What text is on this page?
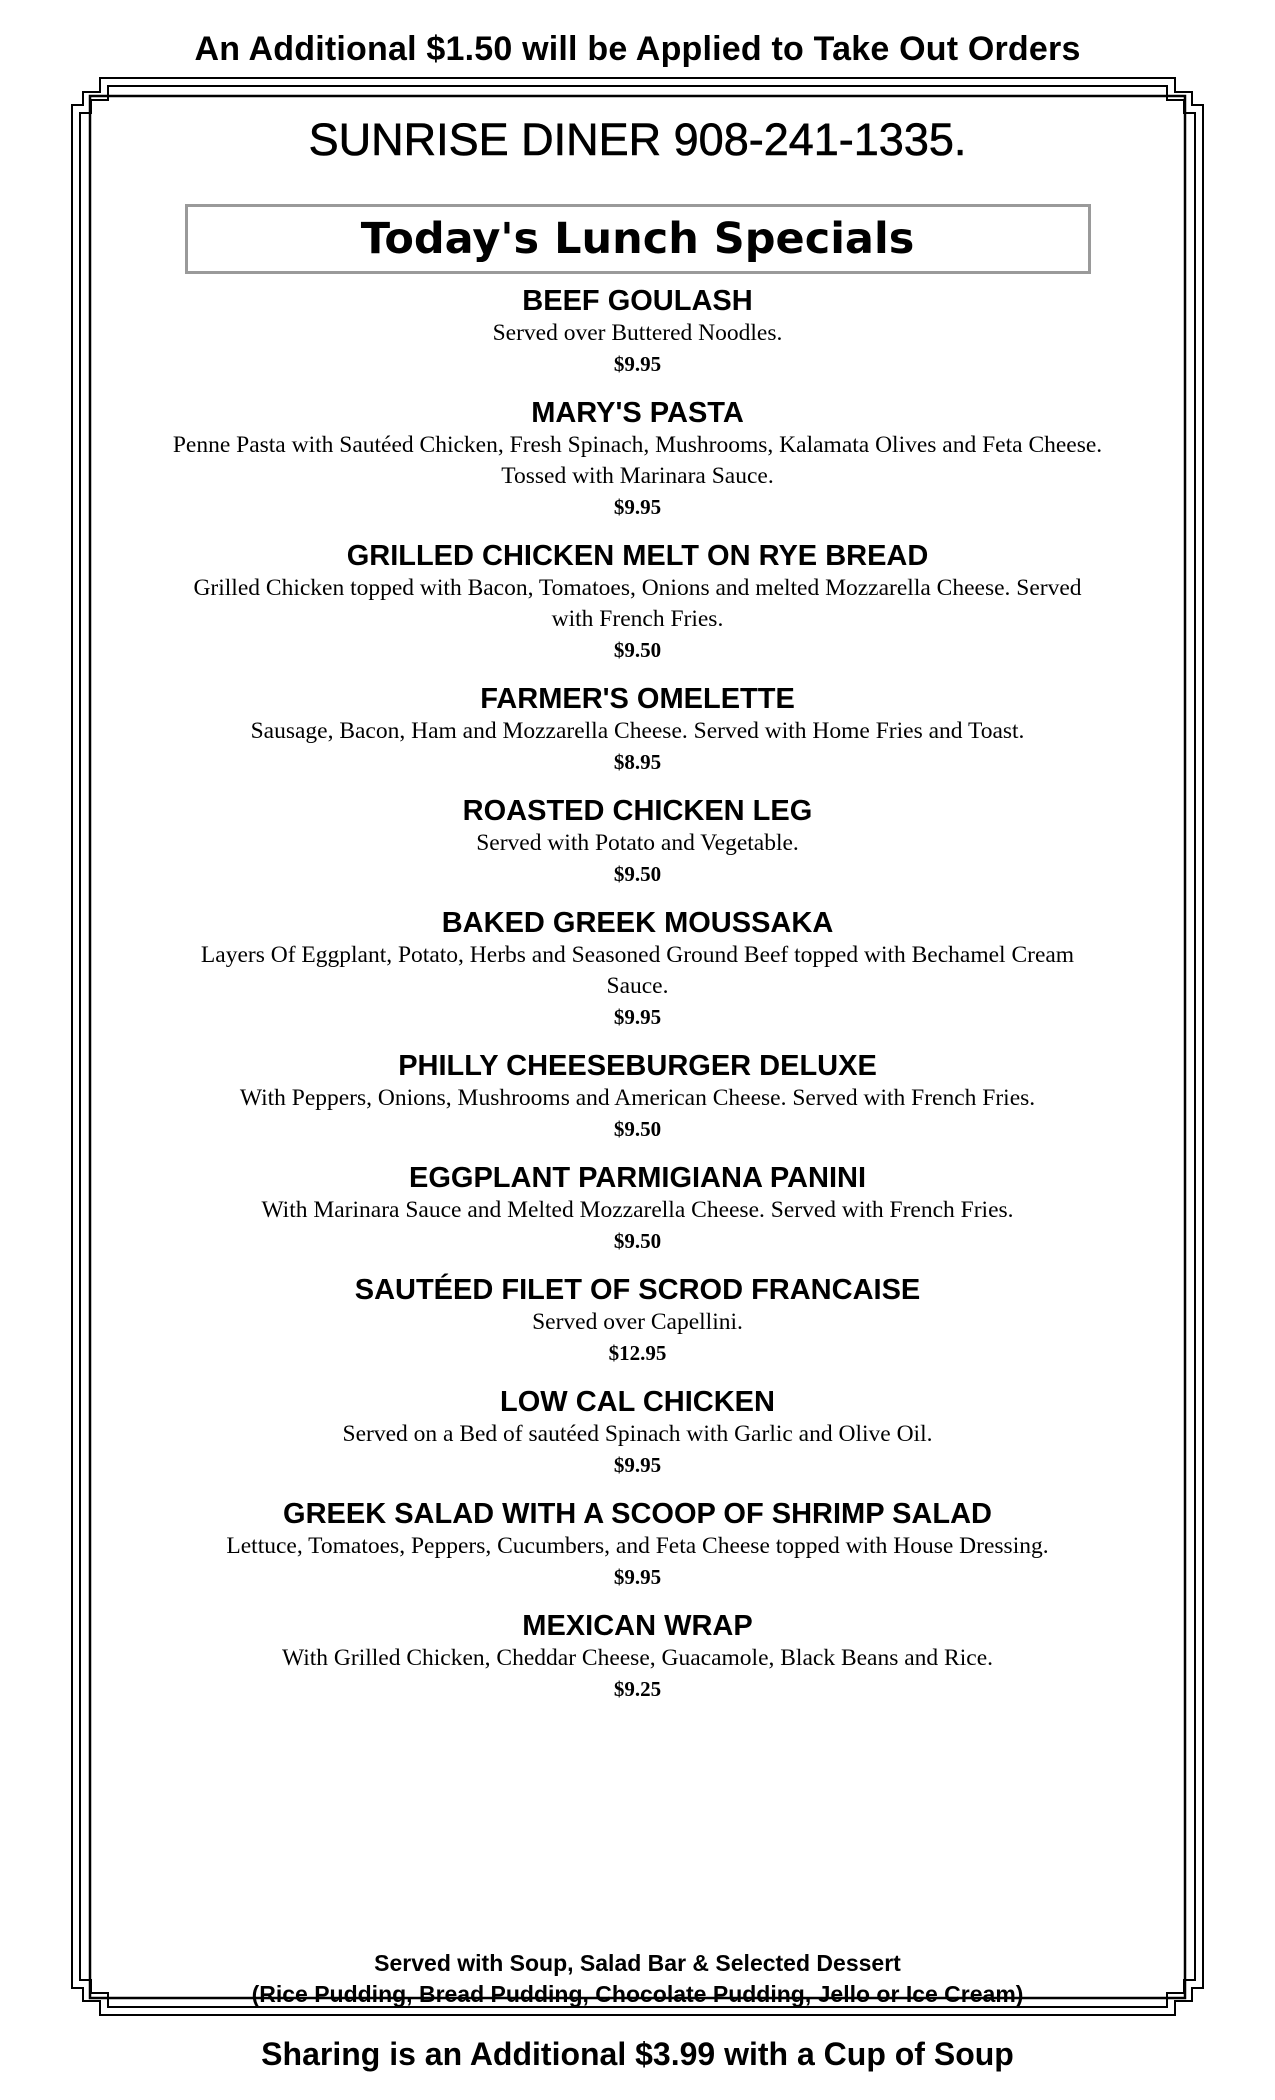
An Additional $1.50 will be Applied to Take Out Orders
SUNRISE DINER 908-241-1335.
Today's Lunch Specials
BEEF GOULASH
Served over Buttered Noodles.
$9.95
MARY'S PASTA
Penne Pasta with Sautéed Chicken, Fresh Spinach, Mushrooms, Kalamata Olives and Feta Cheese. Tossed with Marinara Sauce.
$9.95
GRILLED CHICKEN MELT ON RYE BREAD
Grilled Chicken topped with Bacon, Tomatoes, Onions and melted Mozzarella Cheese. Served with French Fries.
$9.50
FARMER'S OMELETTE
Sausage, Bacon, Ham and Mozzarella Cheese. Served with Home Fries and Toast.
$8.95
ROASTED CHICKEN LEG
Served with Potato and Vegetable.
$9.50
BAKED GREEK MOUSSAKA
Layers Of Eggplant, Potato, Herbs and Seasoned Ground Beef topped with Bechamel Cream Sauce.
$9.95
PHILLY CHEESEBURGER DELUXE
With Peppers, Onions, Mushrooms and American Cheese. Served with French Fries.
$9.50
EGGPLANT PARMIGIANA PANINI
With Marinara Sauce and Melted Mozzarella Cheese. Served with French Fries.
$9.50
SAUTÉED FILET OF SCROD FRANCAISE
Served over Capellini.
$12.95
LOW CAL CHICKEN
Served on a Bed of sautéed Spinach with Garlic and Olive Oil.
$9.95
GREEK SALAD WITH A SCOOP OF SHRIMP SALAD
Lettuce, Tomatoes, Peppers, Cucumbers, and Feta Cheese topped with House Dressing.
$9.95
MEXICAN WRAP
With Grilled Chicken, Cheddar Cheese, Guacamole, Black Beans and Rice.
$9.25
Served with Soup, Salad Bar & Selected Dessert
(Rice Pudding, Bread Pudding, Chocolate Pudding, Jello or Ice Cream)
Sharing is an Additional $3.99 with a Cup of Soup
